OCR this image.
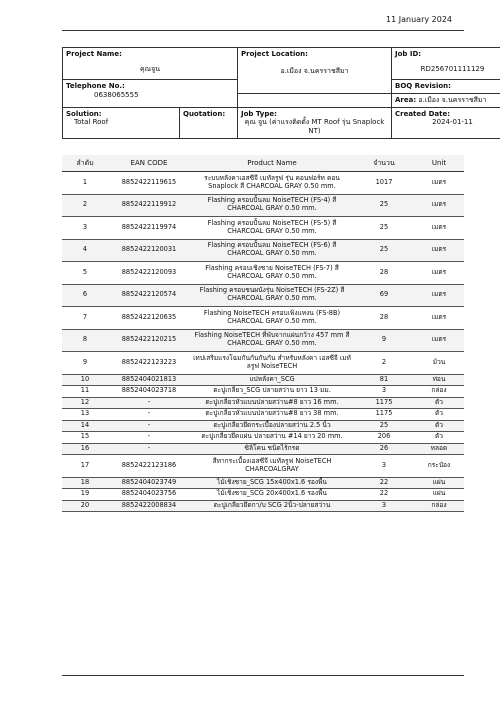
11 January 2024
Project Name:
คุณจูน		Project Location:
อ.เมือง จ.นครราชสีมา	Job ID:
RD256701111129

Telephone No.:
0638065555			BOQ Revision:

			Area: อ.เมือง จ.นครราชสีมา

Solution:
Total Roof	Quotation:	Job Type:
คุณ จูน (ค่าแรงติดตั้ง MT Roof รุ่น Snaplock NT)	Created Date:
2024-01-11
ลำดับ	EAN CODE	Product Name	จำนวน	Unit
1	8852422119615	ระบบหลังคาเอสซีจี เมทัลรูฟ รุ่น คอนฟอร์ท คอน Snaplock สี CHARCOAL GRAY 0.50 mm.	1017	เมตร
2	8852422119912	Flashing ครอบปั้นลม NoiseTECH (FS-4) สี CHARCOAL GRAY 0.50 mm.	25	เมตร
3	8852422119974	Flashing ครอบปั้นลม NoiseTECH (FS-5) สี CHARCOAL GRAY 0.50 mm.	25	เมตร
4	8852422120031	Flashing ครอบปั้นลม NoiseTECH (FS-6) สี CHARCOAL GRAY 0.50 mm.	25	เมตร
5	8852422120093	Flashing ครอบเชิงชาย NoiseTECH (FS-7) สี CHARCOAL GRAY 0.50 mm.	28	เมตร
6	8852422120574	Flashing ครอบชนผนังรุ่น NoiseTECH (FS-2Z) สี CHARCOAL GRAY 0.50 mm.	69	เมตร
7	8852422120635	Flashing NoiseTECH ครอบเพิงแหงน (FS-8B) CHARCOAL GRAY 0.50 mm.	28	เมตร
8	8852422120215	Flashing NoiseTECH ที่พับจากแผ่นกว้าง 457 mm สี CHARCOAL GRAY 0.50 mm.	9	เมตร
9	8852422123223	เทปเสริมแรงโฉมกันกันกันกัน สำหรับหลังคา เอสซีจี เมทัลรูฟ NoiseTECH	2	ม้วน
10	8852404021813	แปหลังคา_SCG	81	ท่อน
11	8852404023718	ตะปูเกลียว_SCG ปลายสว่าน ยาว 13 มม.	3	กล่อง
12	-	ตะปูเกลียวหัวแบนปลายสว่าน#8 ยาว 16 mm.	1175	ตัว
13	-	ตะปูเกลียวหัวแบนปลายสว่าน#8 ยาว 38 mm.	1175	ตัว
14	-	ตะปูเกลียวยึดกระเบื้องปลายสว่าน 2.5 นิ้ว	25	ตัว
15	-	ตะปูเกลียวยึดแผ่น ปลายสว่าน #14 ยาว 20 mm.	206	ตัว
16	-	ซิลิโคน ชนิดไร้กรด	26	หลอด
17	8852422123186	สีทากระเบื้องเอสซีจี เมทัลรูฟ NoiseTECH CHARCOALGRAY	3	กระป๋อง
18	8852404023749	ไม้เชิงชาย_SCG 15x400x1.6 รองพื้น	22	แผ่น
19	8852404023756	ไม้เชิงชาย_SCG 20x400x1.6 รองพื้น	22	แผ่น
20	8852422008834	ตะปูเกลียวยึดกา/บ SCG 2นิ้ว-ปลายสว่าน	3	กล่อง
